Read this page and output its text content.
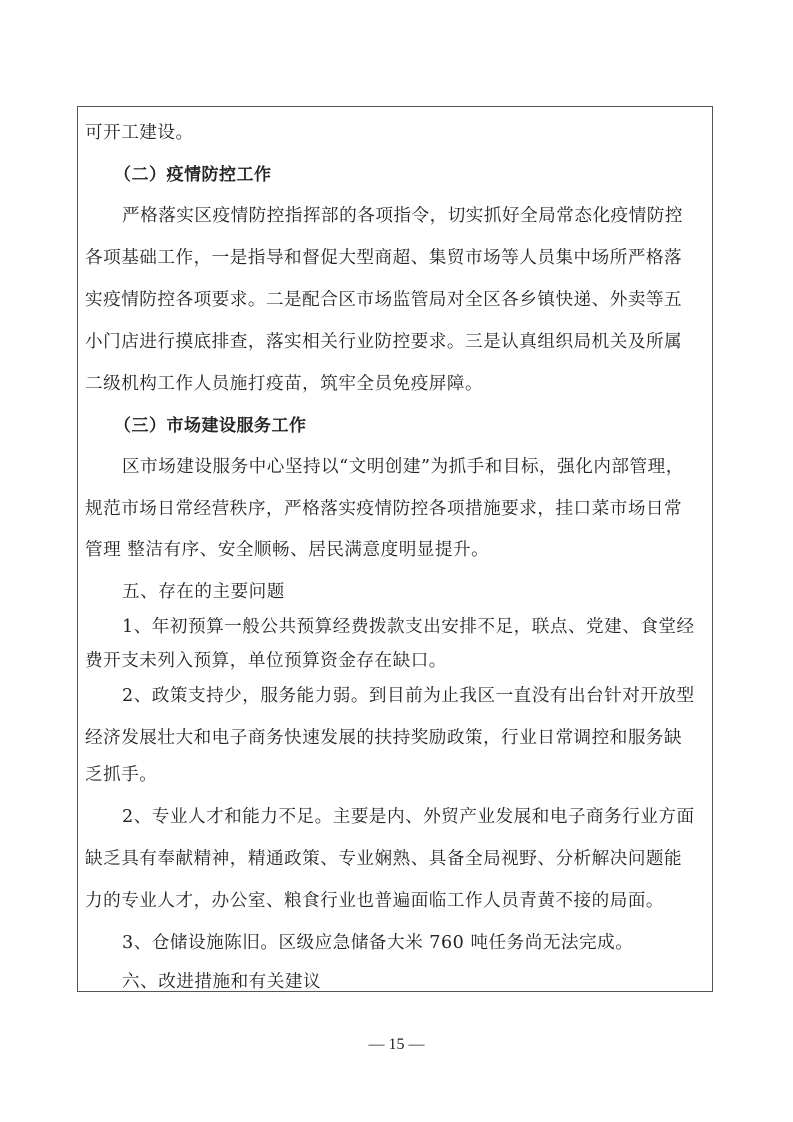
可开工建设。
（二）疫情防控工作
严格落实区疫情防控指挥部的各项指令，切实抓好全局常态化疫情防控
各项基础工作，一是指导和督促大型商超、集贸市场等人员集中场所严格落
实疫情防控各项要求。二是配合区市场监管局对全区各乡镇快递、外卖等五
小门店进行摸底排查，落实相关行业防控要求。三是认真组织局机关及所属
二级机构工作人员施打疫苗，筑牢全员免疫屏障。
（三）市场建设服务工作
区市场建设服务中心坚持以“文明创建”为抓手和目标，强化内部管理，
规范市场日常经营秩序，严格落实疫情防控各项措施要求，挂口菜市场日常
管理 整洁有序、安全顺畅、居民满意度明显提升。
五、存在的主要问题
1、年初预算一般公共预算经费拨款支出安排不足，联点、党建、食堂经
费开支未列入预算，单位预算资金存在缺口。
2、政策支持少，服务能力弱。到目前为止我区一直没有出台针对开放型
经济发展壮大和电子商务快速发展的扶持奖励政策，行业日常调控和服务缺
乏抓手。
2、专业人才和能力不足。主要是内、外贸产业发展和电子商务行业方面
缺乏具有奉献精神，精通政策、专业娴熟、具备全局视野、分析解决问题能
力的专业人才，办公室、粮食行业也普遍面临工作人员青黄不接的局面。
3、仓储设施陈旧。区级应急储备大米 760 吨任务尚无法完成。
六、改进措施和有关建议
— 15 —
